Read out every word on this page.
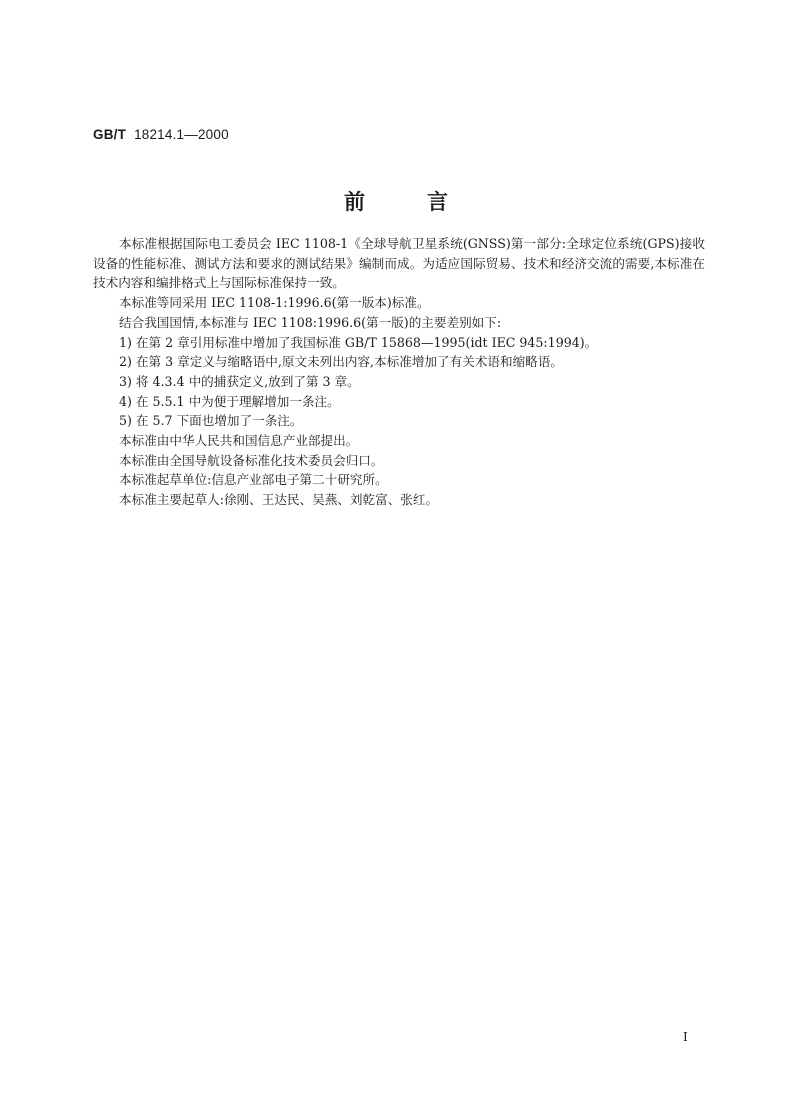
GB/T 18214.1—2000
前言

本标准根据国际电工委员会 IEC 1108-1《全球导航卫星系统(GNSS)第一部分:全球定位系统(GPS)接收设备的性能标准、测试方法和要求的测试结果》编制而成。为适应国际贸易、技术和经济交流的需要,本标准在技术内容和编排格式上与国际标准保持一致。

本标准等同采用 IEC 1108-1:1996.6(第一版本)标准。

结合我国国情,本标准与 IEC 1108:1996.6(第一版)的主要差别如下:

1) 在第 2 章引用标准中增加了我国标准 GB/T 15868—1995(idt IEC 945:1994)。

2) 在第 3 章定义与缩略语中,原文未列出内容,本标准增加了有关术语和缩略语。

3) 将 4.3.4 中的捕获定义,放到了第 3 章。

4) 在 5.5.1 中为便于理解增加一条注。

5) 在 5.7 下面也增加了一条注。

本标准由中华人民共和国信息产业部提出。

本标准由全国导航设备标准化技术委员会归口。

本标准起草单位:信息产业部电子第二十研究所。

本标准主要起草人:徐刚、王达民、吴燕、刘乾富、张红。

I
